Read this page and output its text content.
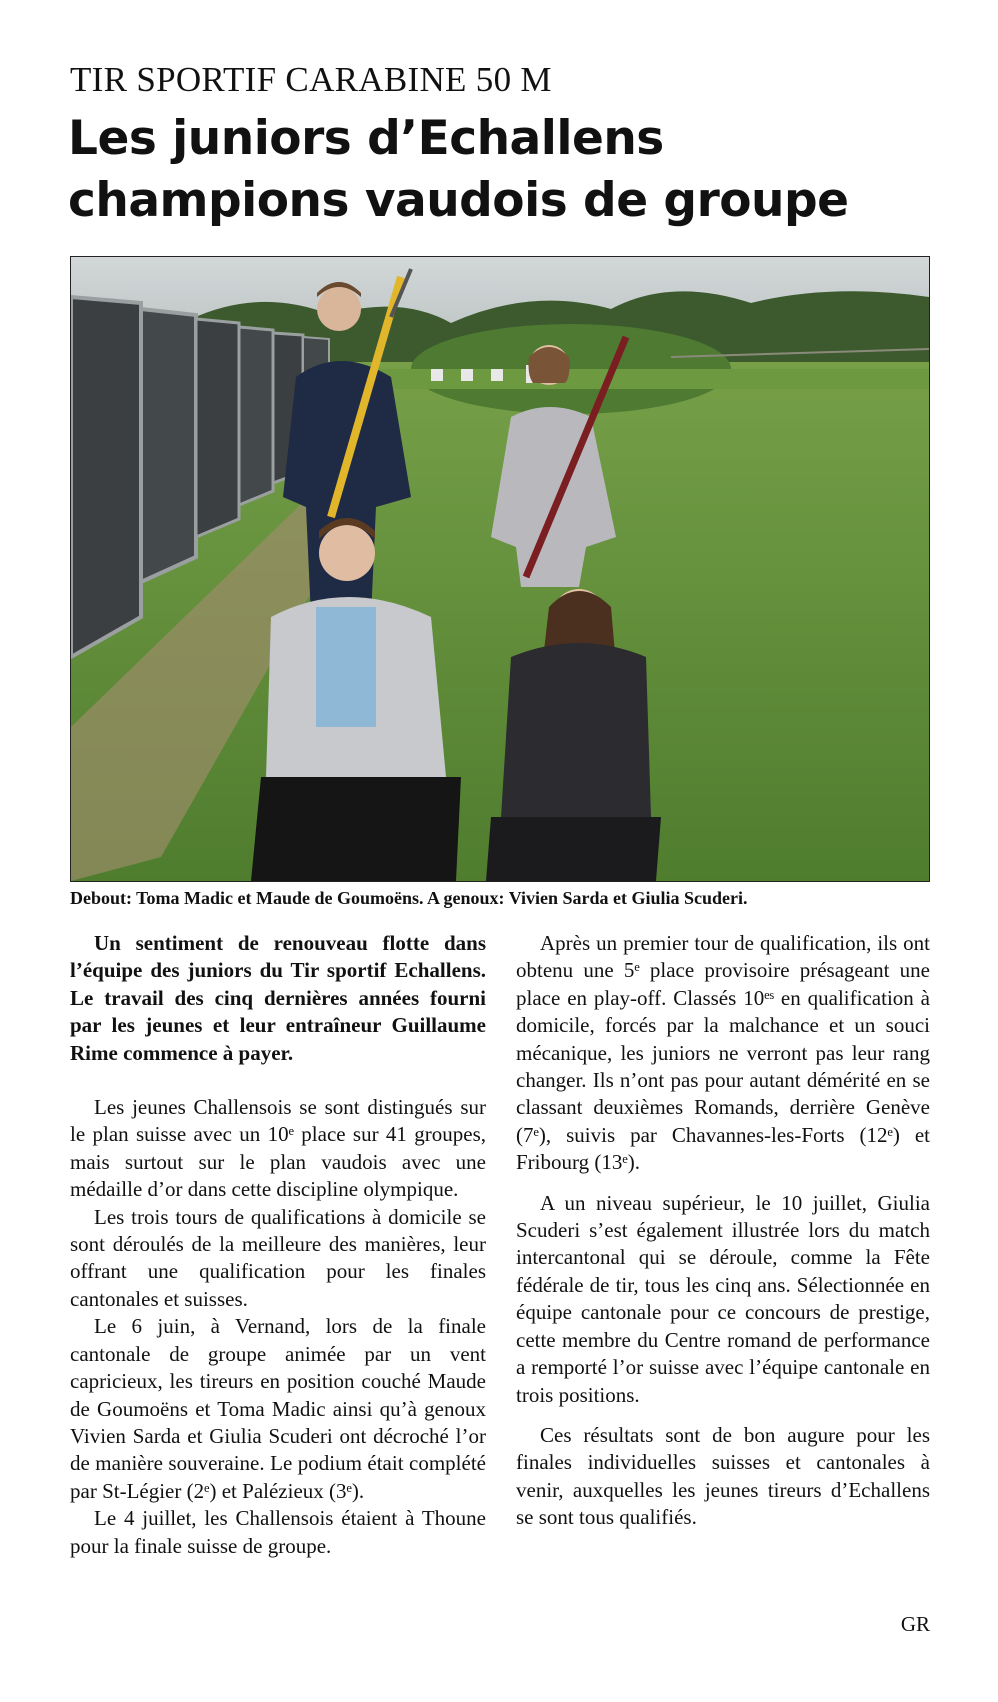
TIR SPORTIF CARABINE 50 M
Les juniors d’Echallens champions vaudois de groupe
Debout: Toma Madic et Maude de Goumoëns. A genoux: Vivien Sarda et Giulia Scuderi.

Un sentiment de renouveau flotte dans l’équipe des juniors du Tir sportif Echallens. Le travail des cinq dernières années fourni par les jeunes et leur entraîneur Guillaume Rime commence à payer.

Les jeunes Challensois se sont distingués sur le plan suisse avec un 10ᵉ place sur 41 groupes, mais surtout sur le plan vaudois avec une médaille d’or dans cette discipline olympique.

Les trois tours de qualifications à domicile se sont déroulés de la meilleure des manières, leur offrant une qualification pour les finales cantonales et suisses.

Le 6 juin, à Vernand, lors de la finale cantonale de groupe animée par un vent capricieux, les tireurs en position couché Maude de Goumoëns et Toma Madic ainsi qu’à genoux Vivien Sarda et Giulia Scuderi ont décroché l’or de manière souveraine. Le podium était complété par St-Légier (2ᵉ) et Palézieux (3ᵉ).

Le 4 juillet, les Challensois étaient à Thoune pour la finale suisse de groupe.

Après un premier tour de qualification, ils ont obtenu une 5ᵉ place provisoire présageant une place en play-off. Classés 10ᵉˢ en qualification à domicile, forcés par la malchance et un souci mécanique, les juniors ne verront pas leur rang changer. Ils n’ont pas pour autant démérité en se classant deuxièmes Romands, derrière Genève (7ᵉ), suivis par Chavannes-les-Forts (12ᵉ) et Fribourg (13ᵉ).

A un niveau supérieur, le 10 juillet, Giulia Scuderi s’est également illustrée lors du match intercantonal qui se déroule, comme la Fête fédérale de tir, tous les cinq ans. Sélectionnée en équipe cantonale pour ce concours de prestige, cette membre du Centre romand de performance a remporté l’or suisse avec l’équipe cantonale en trois positions.

Ces résultats sont de bon augure pour les finales individuelles suisses et cantonales à venir, auxquelles les jeunes tireurs d’Echallens se sont tous qualifiés.

GR
